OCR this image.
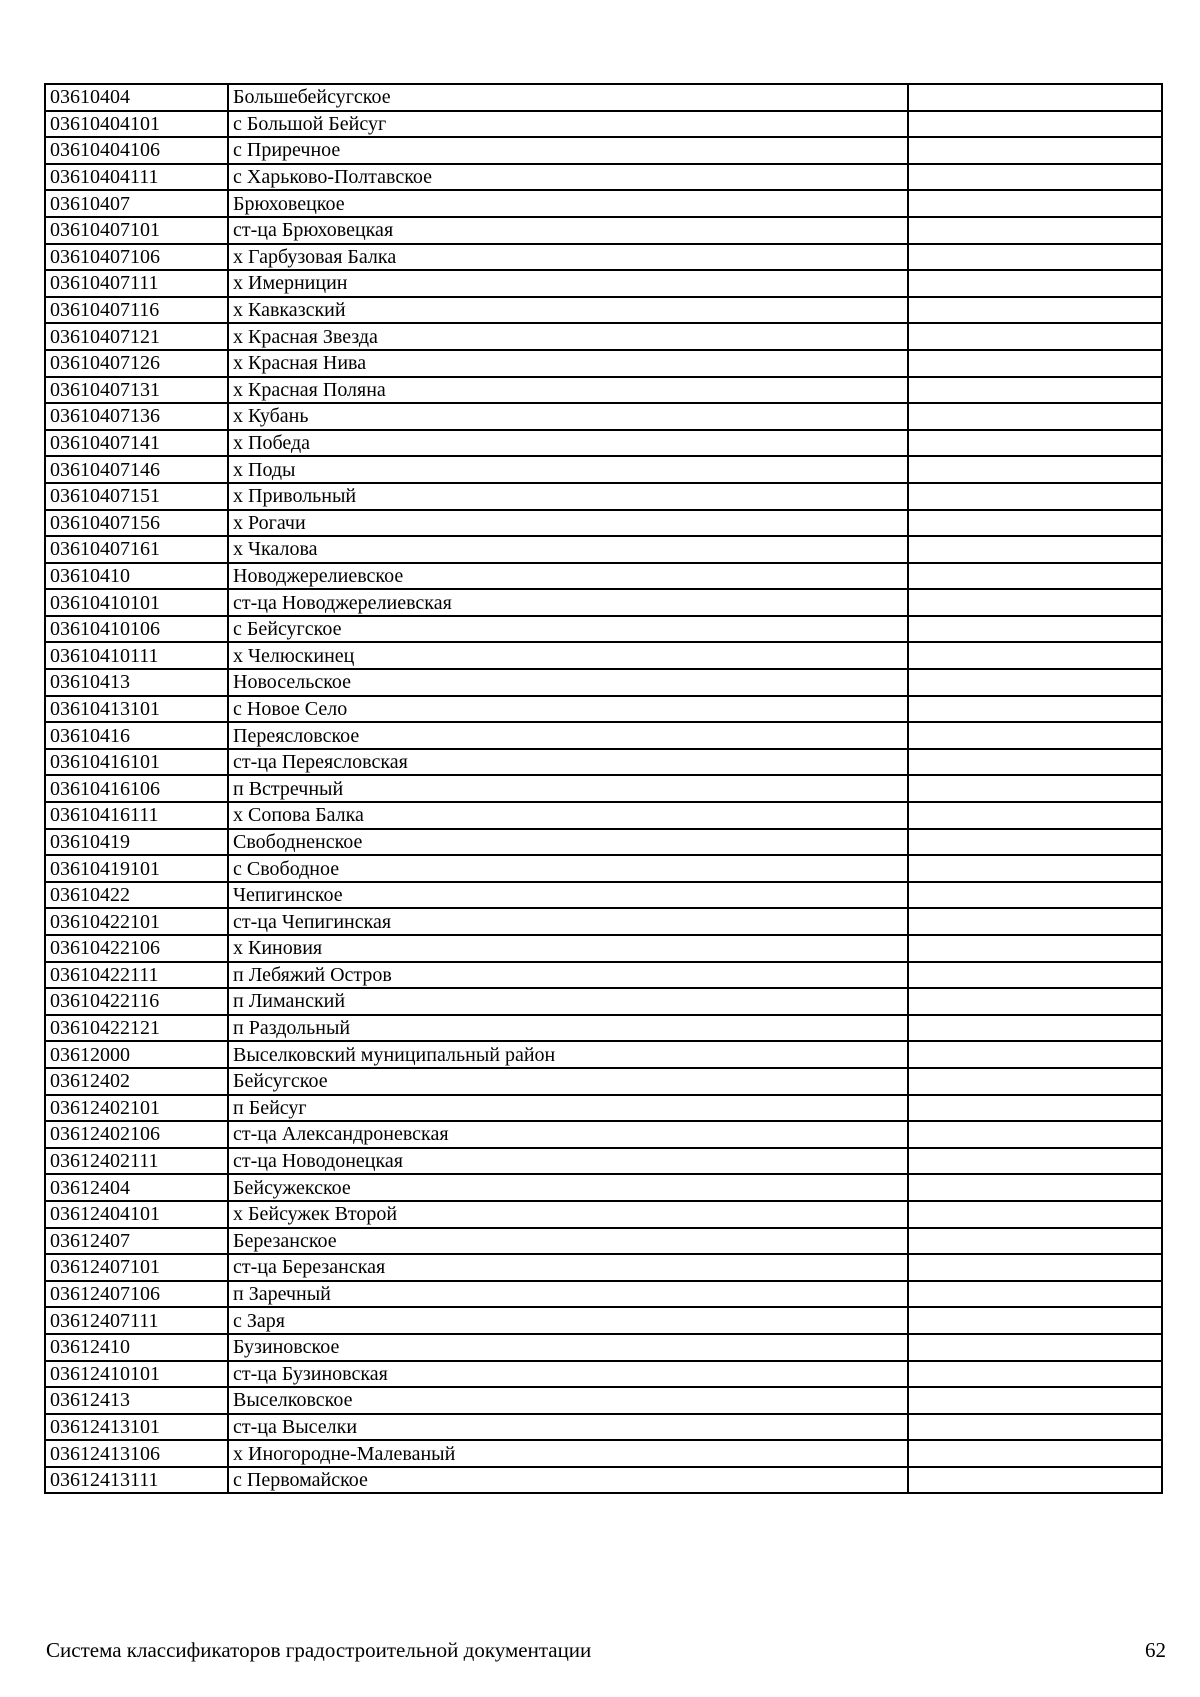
03610404	Большебейсугское	
03610404101	с Большой Бейсуг	
03610404106	с Приречное	
03610404111	с Харьково-Полтавское	
03610407	Брюховецкое	
03610407101	ст-ца Брюховецкая	
03610407106	х Гарбузовая Балка	
03610407111	х Имерницин	
03610407116	х Кавказский	
03610407121	х Красная Звезда	
03610407126	х Красная Нива	
03610407131	х Красная Поляна	
03610407136	х Кубань	
03610407141	х Победа	
03610407146	х Поды	
03610407151	х Привольный	
03610407156	х Рогачи	
03610407161	х Чкалова	
03610410	Новоджерелиевское	
03610410101	ст-ца Новоджерелиевская	
03610410106	с Бейсугское	
03610410111	х Челюскинец	
03610413	Новосельское	
03610413101	с Новое Село	
03610416	Переясловское	
03610416101	ст-ца Переясловская	
03610416106	п Встречный	
03610416111	х Сопова Балка	
03610419	Свободненское	
03610419101	с Свободное	
03610422	Чепигинское	
03610422101	ст-ца Чепигинская	
03610422106	х Киновия	
03610422111	п Лебяжий Остров	
03610422116	п Лиманский	
03610422121	п Раздольный	
03612000	Выселковский муниципальный район	
03612402	Бейсугское	
03612402101	п Бейсуг	
03612402106	ст-ца Александроневская	
03612402111	ст-ца Новодонецкая	
03612404	Бейсужекское	
03612404101	х Бейсужек Второй	
03612407	Березанское	
03612407101	ст-ца Березанская	
03612407106	п Заречный	
03612407111	с Заря	
03612410	Бузиновское	
03612410101	ст-ца Бузиновская	
03612413	Выселковское	
03612413101	ст-ца Выселки	
03612413106	х Иногородне-Малеваный	
03612413111	с Первомайское	
Система классификаторов градостроительной документации	62
